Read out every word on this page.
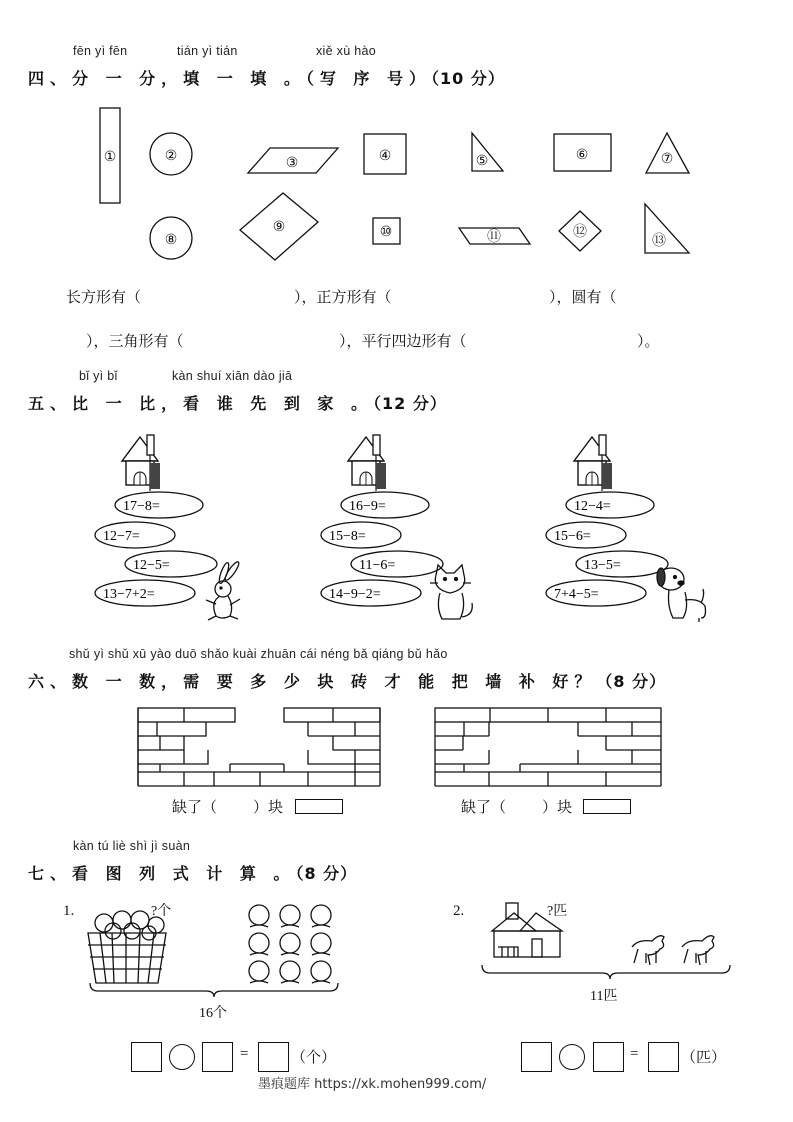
fēn yì fēn	tián yì tián	xiě xù hào
四、分 一 分，填 一 填 。（写 序 号）（10 分）
①	②	③	④	⑤	⑥	⑦
⑧
⑨	⑩	⑪	⑫
⑬
长方形有（	），正方形有（	），圆有（
），三角形有（	），平行四边形有（	）。
bǐ yì bǐ	kàn shuí xiān dào jiā
五、比 一 比，看 谁 先 到 家 。（12 分）
17−8=
12−7=
12−5=
13−7+2=
16−9=
15−8=
11−6=
14−9−2=
12−4=
15−6=
13−5=
7+4−5=
shǔ yì shǔ xū yào duō shǎo kuài zhuān cái néng bǎ qiáng bǔ hǎo
六、数 一 数，需 要 多 少 块 砖 才 能 把 墙 补 好？（8 分）
缺了（ ）块	缺了（ ）块
kàn tú liè shì jì suàn
七、看 图 列 式 计 算 。（8 分）
1.	?个
16个
2.	?匹
11匹
=	（个）	=	（匹）
墨痕题库 https://xk.mohen999.com/
